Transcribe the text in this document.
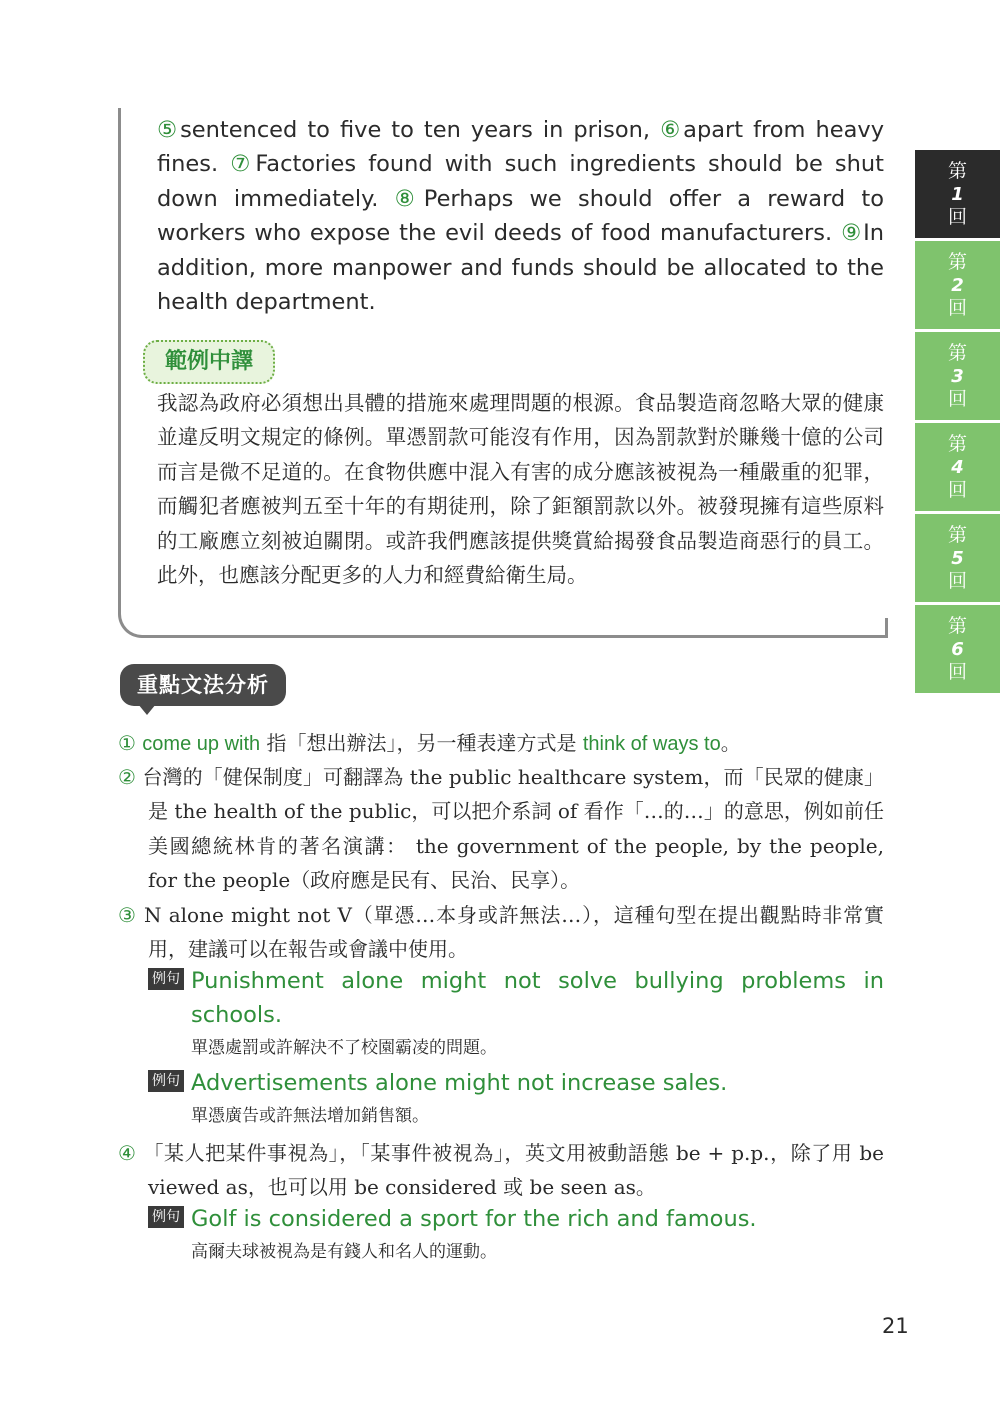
⑤sentenced to five to ten years in prison, ⑥apart from heavy fines. ⑦Factories found with such ingredients should be shut down immediately. ⑧Perhaps we should offer a reward to workers who expose the evil deeds of food manufacturers. ⑨In addition, more manpower and funds should be allocated to the health department.
範例中譯
我認為政府必須想出具體的措施來處理問題的根源。食品製造商忽略大眾的健康並違反明文規定的條例。單憑罰款可能沒有作用，因為罰款對於賺幾十億的公司而言是微不足道的。在食物供應中混入有害的成分應該被視為一種嚴重的犯罪，而觸犯者應被判五至十年的有期徒刑，除了鉅額罰款以外。被發現擁有這些原料的工廠應立刻被迫關閉。或許我們應該提供獎賞給揭發食品製造商惡行的員工。此外，也應該分配更多的人力和經費給衛生局。
第
1
回
第
2
回
第
3
回
第
4
回
第
5
回
第
6
回
重點文法分析
① come up with 指「想出辦法」，另一種表達方式是 think of ways to。
② 台灣的「健保制度」可翻譯為 the public healthcare system，而「民眾的健康」是 the health of the public，可以把介系詞 of 看作「…的…」的意思，例如前任美國總統林肯的著名演講： the government of the people, by the people, for the people（政府應是民有、民治、民享）。
③ N alone might not V（單憑…本身或許無法…），這種句型在提出觀點時非常實用，建議可以在報告或會議中使用。
例句 Punishment alone might not solve bullying problems in schools.
單憑處罰或許解決不了校園霸凌的問題。
例句 Advertisements alone might not increase sales.
單憑廣告或許無法增加銷售額。
④ 「某人把某件事視為」，「某事件被視為」，英文用被動語態 be + p.p.，除了用 be viewed as，也可以用 be considered 或 be seen as。
例句 Golf is considered a sport for the rich and famous.
高爾夫球被視為是有錢人和名人的運動。
21
